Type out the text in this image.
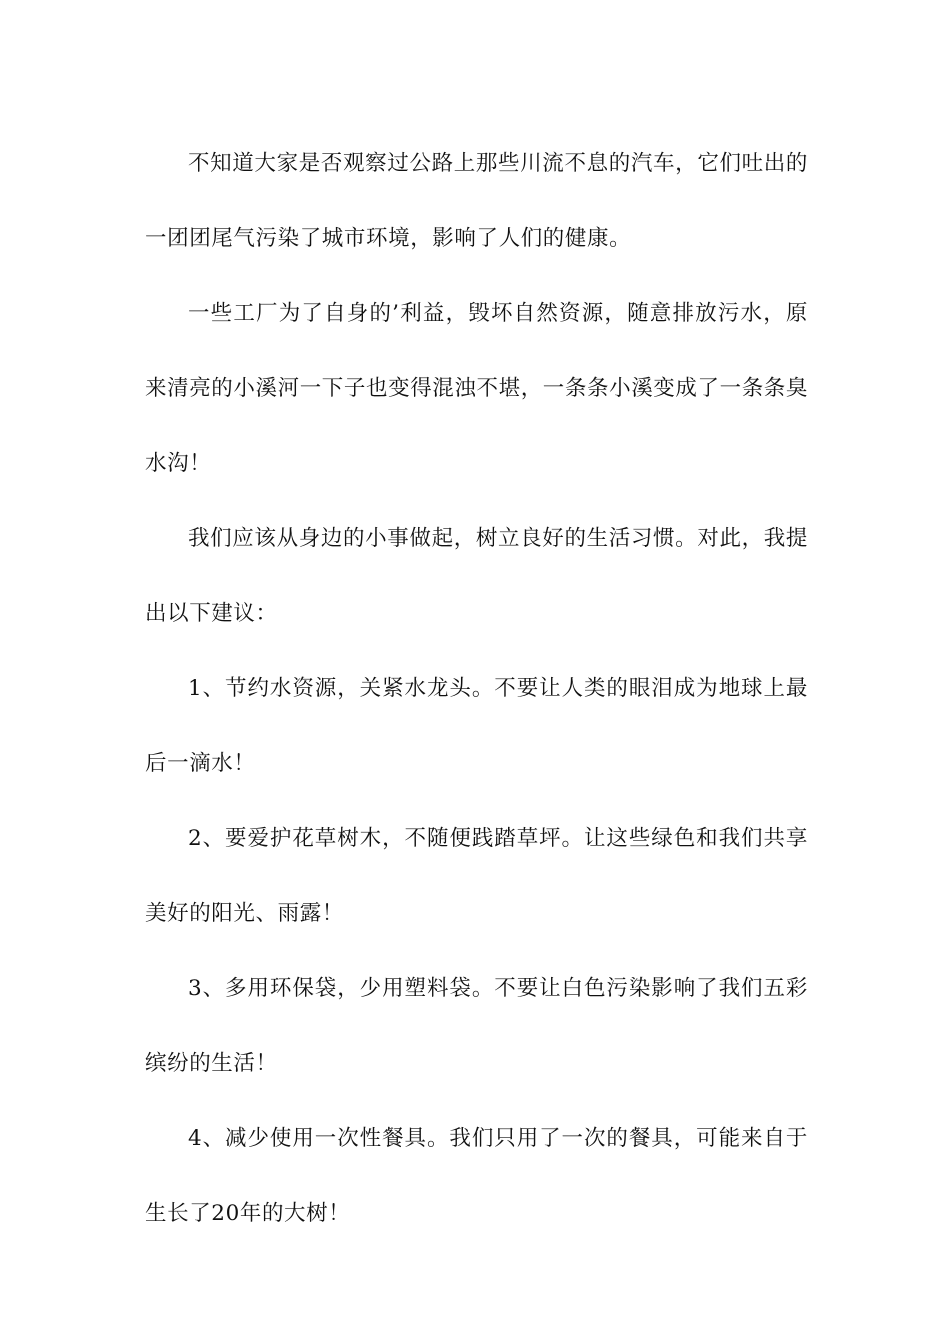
不知道大家是否观察过公路上那些川流不息的汽车，它们吐出的一团团尾气污染了城市环境，影响了人们的健康。

一些工厂为了自身的’利益，毁坏自然资源，随意排放污水，原来清亮的小溪河一下子也变得混浊不堪，一条条小溪变成了一条条臭水沟！

我们应该从身边的小事做起，树立良好的生活习惯。对此，我提出以下建议：

1、节约水资源，关紧水龙头。不要让人类的眼泪成为地球上最后一滴水！

2、要爱护花草树木，不随便践踏草坪。让这些绿色和我们共享美好的阳光、雨露！

3、多用环保袋，少用塑料袋。不要让白色污染影响了我们五彩缤纷的生活！

4、减少使用一次性餐具。我们只用了一次的餐具，可能来自于生长了20年的大树！
